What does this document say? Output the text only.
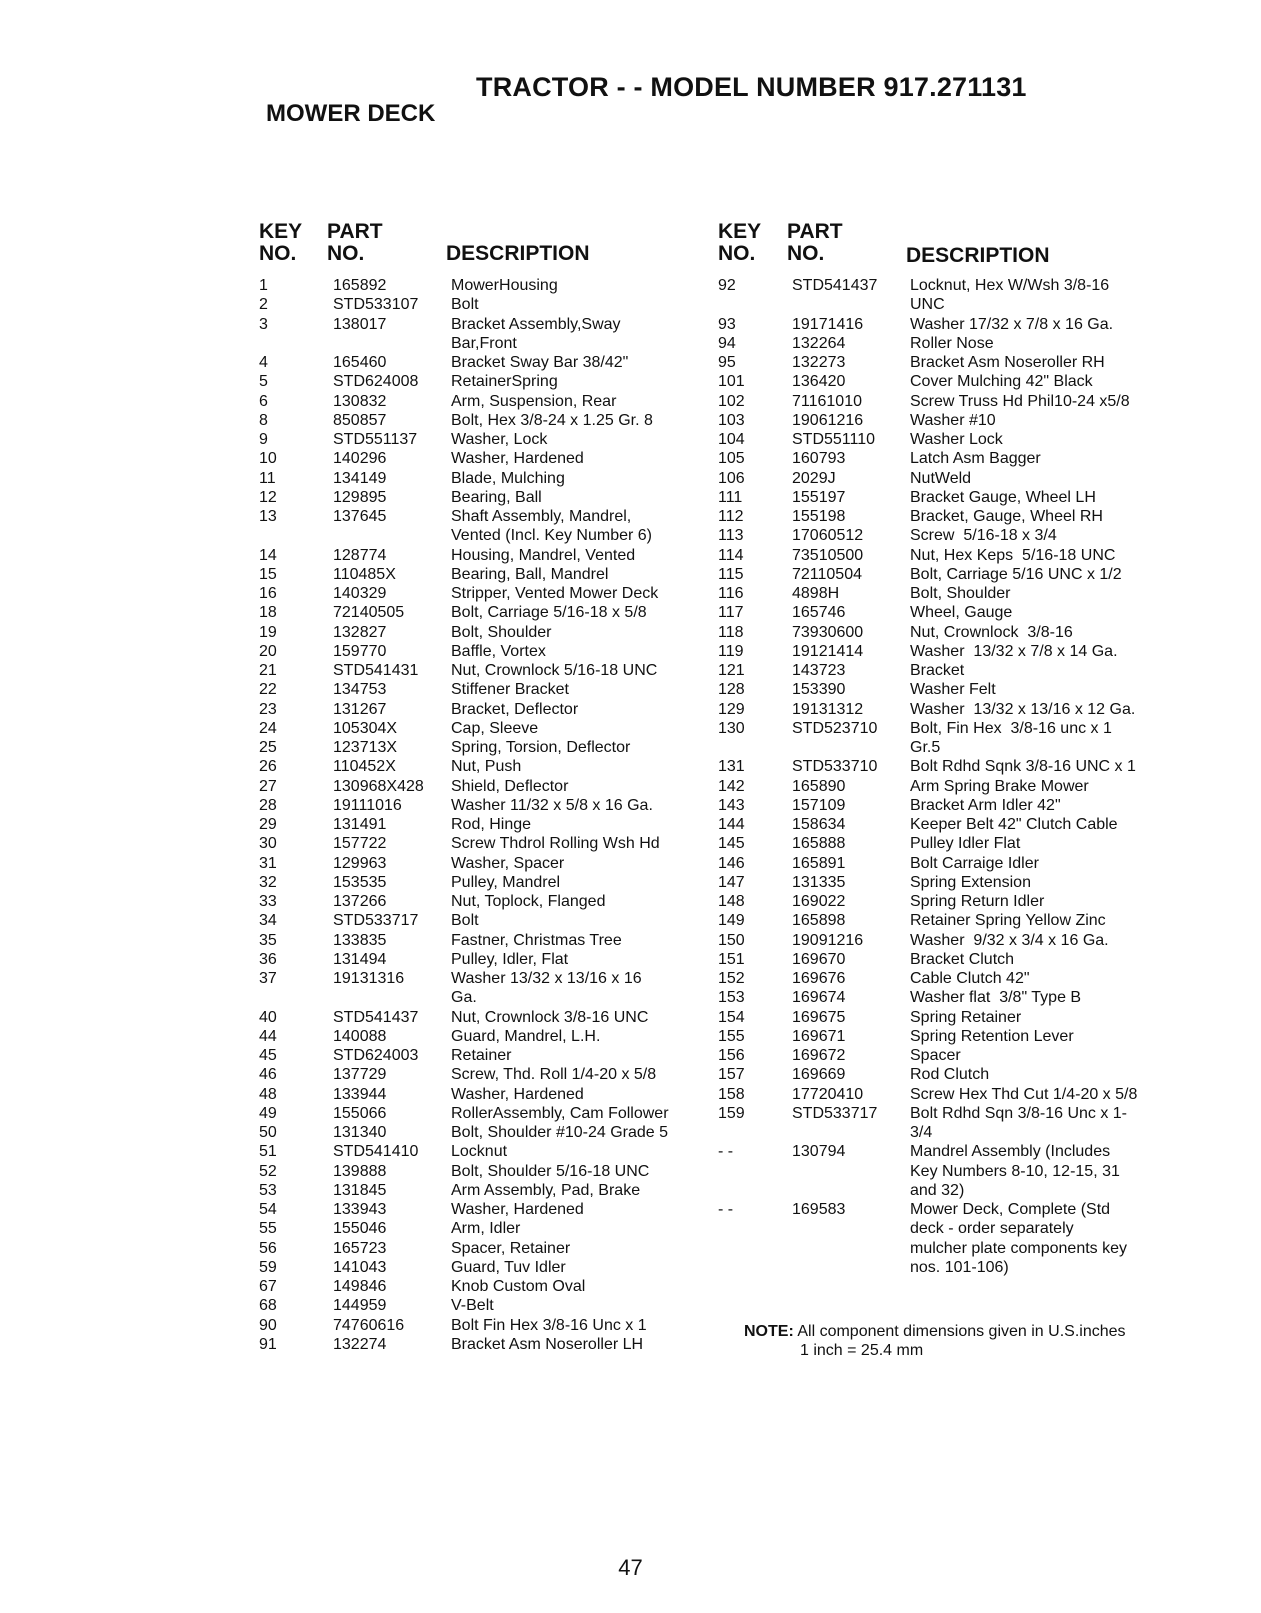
TRACTOR - - MODEL NUMBER 917.271131
MOWER DECK
KEY
NO.
PART
NO.	DESCRIPTION
KEY
NO.
PART
NO.	DESCRIPTION
1	165892	MowerHousing
2	STD533107	Bolt
3	138017	Bracket Assembly,Sway
Bar,Front
4	165460	Bracket Sway Bar 38/42"
5	STD624008	RetainerSpring
6	130832	Arm, Suspension, Rear
8	850857	Bolt, Hex 3/8-24 x 1.25 Gr. 8
9	STD551137	Washer, Lock
10	140296	Washer, Hardened
11	134149	Blade, Mulching
12	129895	Bearing, Ball
13	137645	Shaft Assembly, Mandrel,
Vented (Incl. Key Number 6)
14	128774	Housing, Mandrel, Vented
15	110485X	Bearing, Ball, Mandrel
16	140329	Stripper, Vented Mower Deck
18	72140505	Bolt, Carriage 5/16-18 x 5/8
19	132827	Bolt, Shoulder
20	159770	Baffle, Vortex
21	STD541431	Nut, Crownlock 5/16-18 UNC
22	134753	Stiffener Bracket
23	131267	Bracket, Deflector
24	105304X	Cap, Sleeve
25	123713X	Spring, Torsion, Deflector
26	110452X	Nut, Push
27	130968X428	Shield, Deflector
28	19111016	Washer 11/32 x 5/8 x 16 Ga.
29	131491	Rod, Hinge
30	157722	Screw Thdrol Rolling Wsh Hd
31	129963	Washer, Spacer
32	153535	Pulley, Mandrel
33	137266	Nut, Toplock, Flanged
34	STD533717	Bolt
35	133835	Fastner, Christmas Tree
36	131494	Pulley, Idler, Flat
37	19131316	Washer 13/32 x 13/16 x 16
Ga.
40	STD541437	Nut, Crownlock 3/8-16 UNC
44	140088	Guard, Mandrel, L.H.
45	STD624003	Retainer
46	137729	Screw, Thd. Roll 1/4-20 x 5/8
48	133944	Washer, Hardened
49	155066	RollerAssembly, Cam Follower
50	131340	Bolt, Shoulder #10-24 Grade 5
51	STD541410	Locknut
52	139888	Bolt, Shoulder 5/16-18 UNC
53	131845	Arm Assembly, Pad, Brake
54	133943	Washer, Hardened
55	155046	Arm, Idler
56	165723	Spacer, Retainer
59	141043	Guard, Tuv Idler
67	149846	Knob Custom Oval
68	144959	V-Belt
90	74760616	Bolt Fin Hex 3/8-16 Unc x 1
91	132274	Bracket Asm Noseroller LH
92	STD541437	Locknut, Hex W/Wsh 3/8-16
UNC
93	19171416	Washer 17/32 x 7/8 x 16 Ga.
94	132264	Roller Nose
95	132273	Bracket Asm Noseroller RH
101	136420	Cover Mulching 42" Black
102	71161010	Screw Truss Hd Phil10-24 x5/8
103	19061216	Washer #10
104	STD551110	Washer Lock
105	160793	Latch Asm Bagger
106	2029J	NutWeld
111	155197	Bracket Gauge, Wheel LH
112	155198	Bracket, Gauge, Wheel RH
113	17060512	Screw  5/16-18 x 3/4
114	73510500	Nut, Hex Keps  5/16-18 UNC
115	72110504	Bolt, Carriage 5/16 UNC x 1/2
116	4898H	Bolt, Shoulder
117	165746	Wheel, Gauge
118	73930600	Nut, Crownlock  3/8-16
119	19121414	Washer  13/32 x 7/8 x 14 Ga.
121	143723	Bracket
128	153390	Washer Felt
129	19131312	Washer  13/32 x 13/16 x 12 Ga.
130	STD523710	Bolt, Fin Hex  3/8-16 unc x 1
Gr.5
131	STD533710	Bolt Rdhd Sqnk 3/8-16 UNC x 1
142	165890	Arm Spring Brake Mower
143	157109	Bracket Arm Idler 42"
144	158634	Keeper Belt 42" Clutch Cable
145	165888	Pulley Idler Flat
146	165891	Bolt Carraige Idler
147	131335	Spring Extension
148	169022	Spring Return Idler
149	165898	Retainer Spring Yellow Zinc
150	19091216	Washer  9/32 x 3/4 x 16 Ga.
151	169670	Bracket Clutch
152	169676	Cable Clutch 42"
153	169674	Washer flat  3/8" Type B
154	169675	Spring Retainer
155	169671	Spring Retention Lever
156	169672	Spacer
157	169669	Rod Clutch
158	17720410	Screw Hex Thd Cut 1/4-20 x 5/8
159	STD533717	Bolt Rdhd Sqn 3/8-16 Unc x 1-
3/4
- -	130794	Mandrel Assembly (Includes
Key Numbers 8-10, 12-15, 31
and 32)
- -	169583	Mower Deck, Complete (Std
deck - order separately
mulcher plate components key
nos. 101-106)
NOTE: All component dimensions given in U.S.inches
1 inch = 25.4 mm
47
